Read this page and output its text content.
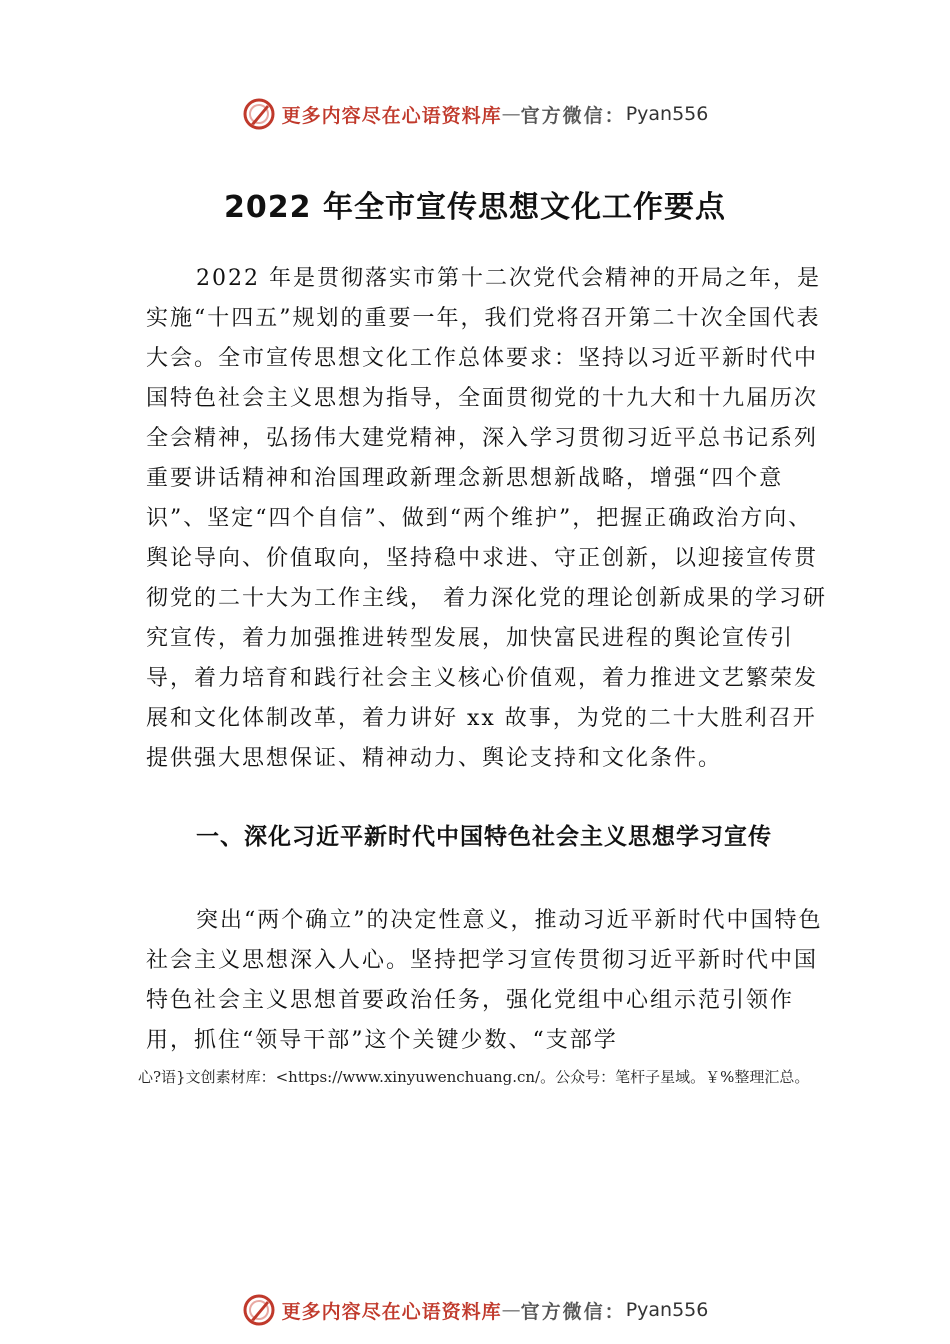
更多内容尽在心语资料库 — 官方微信： Pyan556
2022 年全市宣传思想文化工作要点
2022 年是贯彻落实市第十二次党代会精神的开局之年，是实施“十四五”规划的重要一年，我们党将召开第二十次全国代表大会。全市宣传思想文化工作总体要求：坚持以习近平新时代中国特色社会主义思想为指导，全面贯彻党的十九大和十九届历次全会精神，弘扬伟大建党精神，深入学习贯彻习近平总书记系列重要讲话精神和治国理政新理念新思想新战略，增强“四个意识”、坚定“四个自信”、做到“两个维护”，把握正确政治方向、舆论导向、价值取向，坚持稳中求进、守正创新，以迎接宣传贯彻党的二十大为工作主线， 着力深化党的理论创新成果的学习研究宣传，着力加强推进转型发展，加快富民进程的舆论宣传引导，着力培育和践行社会主义核心价值观，着力推进文艺繁荣发展和文化体制改革，着力讲好 xx 故事，为党的二十大胜利召开提供强大思想保证、精神动力、舆论支持和文化条件。
一、深化习近平新时代中国特色社会主义思想学习宣传
突出“两个确立”的决定性意义，推动习近平新时代中国特色社会主义思想深入人心。坚持把学习宣传贯彻习近平新时代中国特色社会主义思想首要政治任务，强化党组中心组示范引领作用，抓住“领导干部”这个关键少数、“支部学
心?语}文创素材库：<https://www.xinyuwenchuang.cn/。公众号：笔杆子星域。￥%整理汇总。
更多内容尽在心语资料库 — 官方微信： Pyan556
